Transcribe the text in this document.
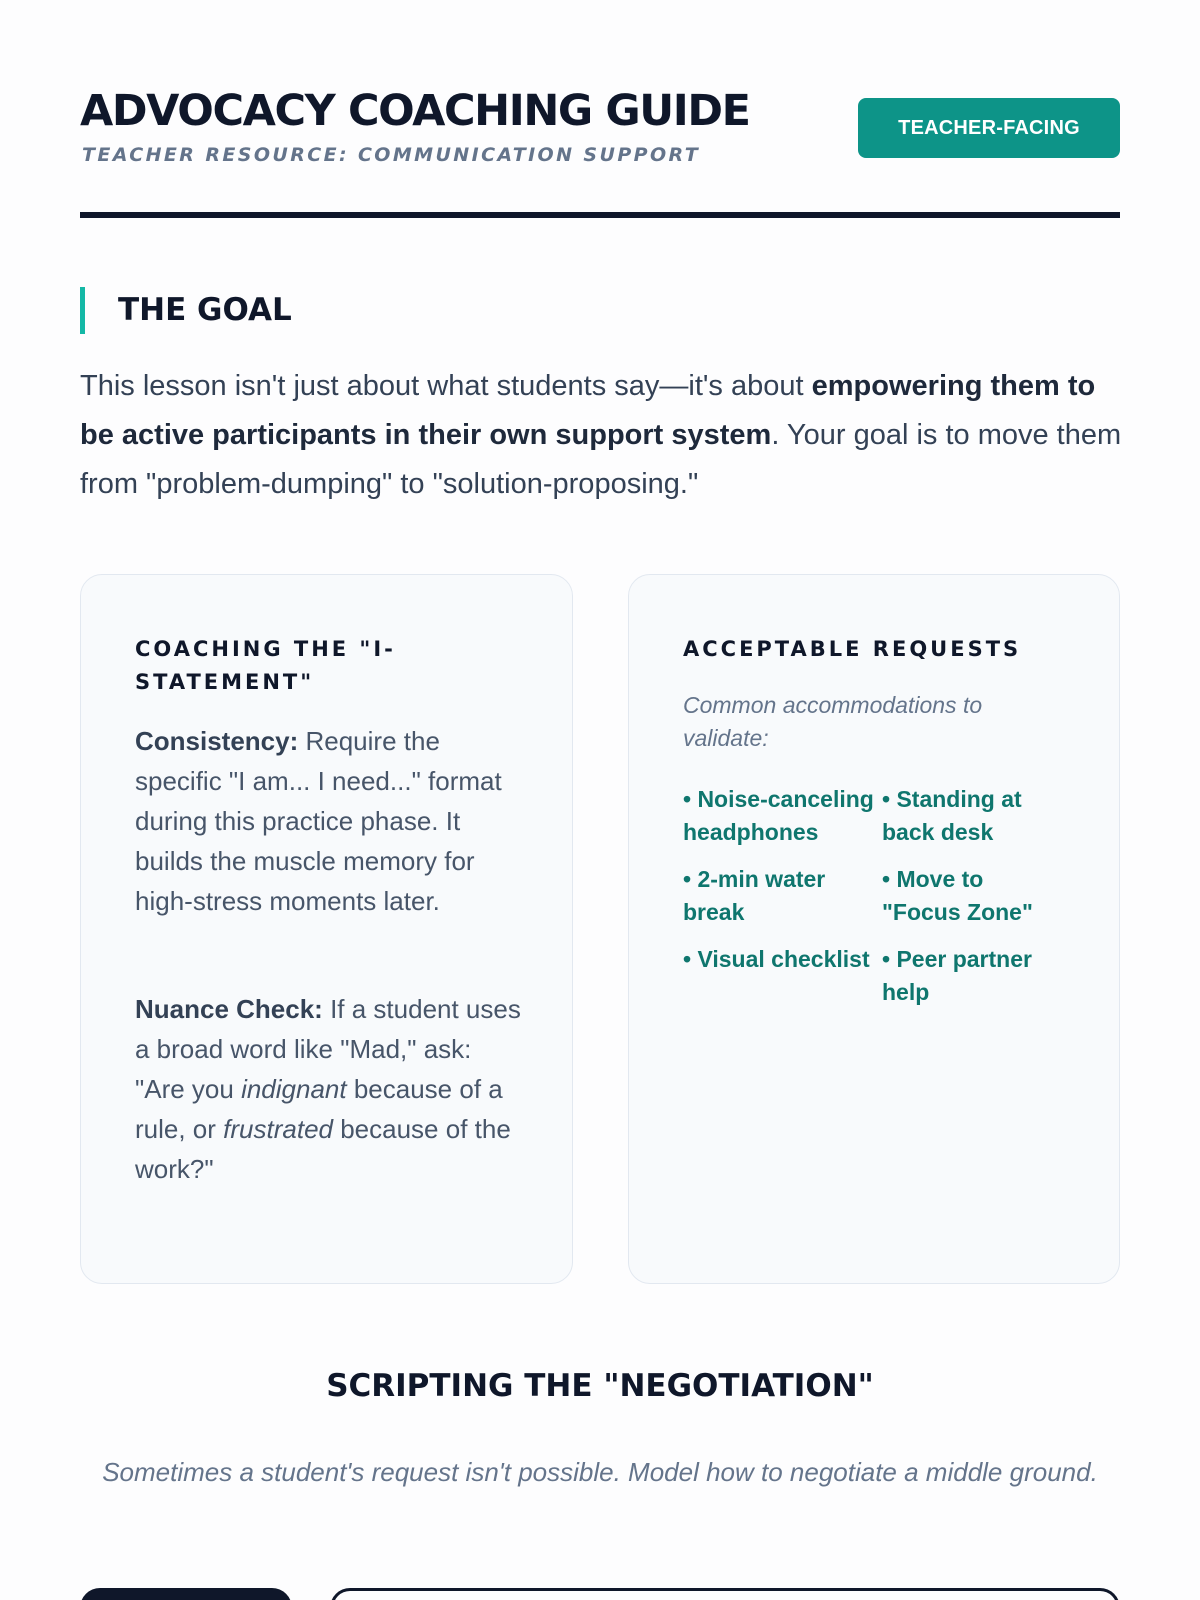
ADVOCACY COACHING GUIDE
TEACHER RESOURCE: COMMUNICATION SUPPORT
TEACHER-FACING
THE GOAL

This lesson isn't just about what students say—it's about empowering them to be active participants in their own support system. Your goal is to move them from "problem-dumping" to "solution-proposing."

COACHING THE "I-STATEMENT"

Consistency: Require the specific "I am... I need..." format during this practice phase. It builds the muscle memory for high-stress moments later.

Nuance Check: If a student uses a broad word like "Mad," ask: "Are you indignant because of a rule, or frustrated because of the work?"

ACCEPTABLE REQUESTS

Common accommodations to validate:

• Noise-canceling headphones
• Standing at back desk
• 2-min water break
• Move to "Focus Zone"
• Visual checklist • Peer partner help
SCRIPTING THE "NEGOTIATION"

Sometimes a student's request isn't possible. Model how to negotiate a middle ground.
